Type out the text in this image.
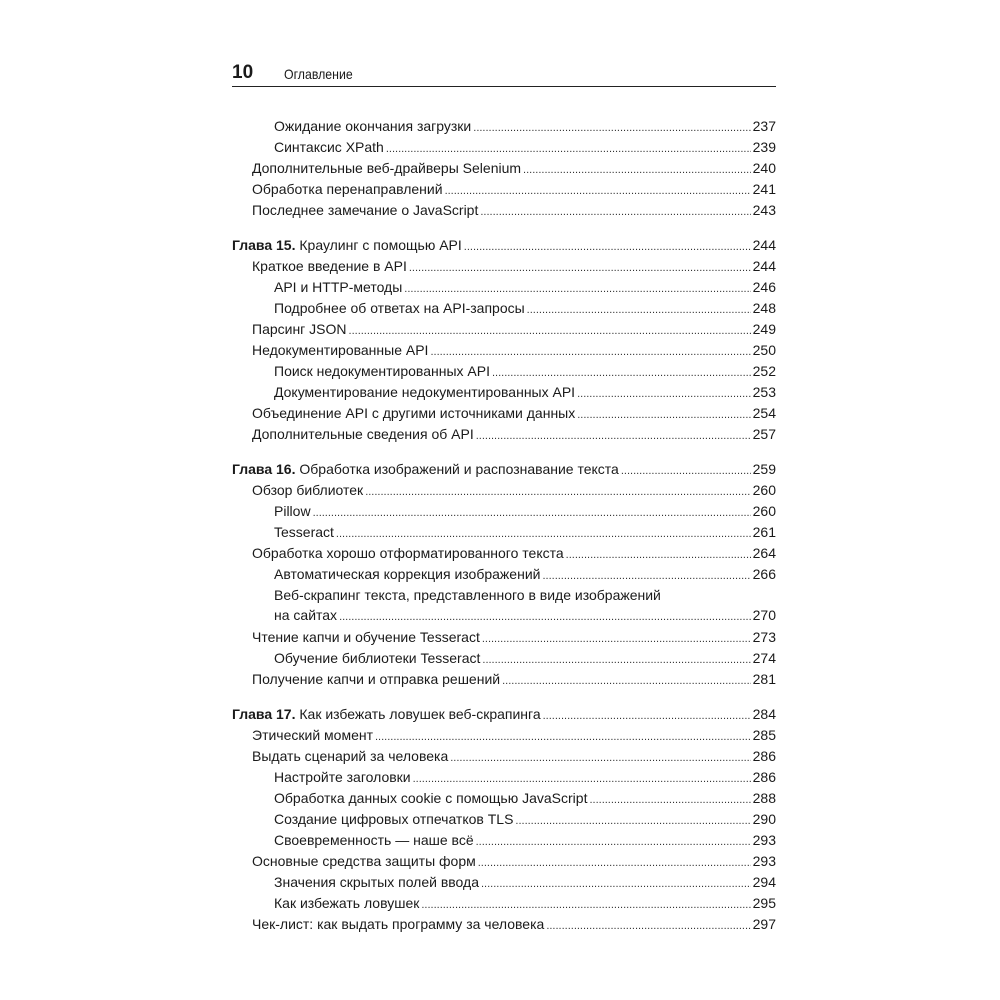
10 Оглавление
Ожидание окончания загрузки .....	237
Синтаксис XPath .....	239
Дополнительные веб-драйверы Selenium .....	240
Обработка перенаправлений .....	241
Последнее замечание о JavaScript .....	243
Глава 15. Краулинг с помощью API .....	244
Краткое введение в API .....	244
API и HTTP-методы .....	246
Подробнее об ответах на API-запросы .....	248
Парсинг JSON .....	249
Недокументированные API .....	250
Поиск недокументированных API .....	252
Документирование недокументированных API .....	253
Объединение API с другими источниками данных .....	254
Дополнительные сведения об API .....	257
Глава 16. Обработка изображений и распознавание текста .....	259
Обзор библиотек .....	260
Pillow .....	260
Tesseract .....	261
Обработка хорошо отформатированного текста .....	264
Автоматическая коррекция изображений .....	266
Веб-скрапинг текста, представленного в виде изображений
на сайтах .....	270
Чтение капчи и обучение Tesseract .....	273
Обучение библиотеки Tesseract .....	274
Получение капчи и отправка решений .....	281
Глава 17. Как избежать ловушек веб-скрапинга .....	284
Этический момент .....	285
Выдать сценарий за человека .....	286
Настройте заголовки .....	286
Обработка данных cookie с помощью JavaScript .....	288
Создание цифровых отпечатков TLS .....	290
Своевременность — наше всё .....	293
Основные средства защиты форм .....	293
Значения скрытых полей ввода .....	294
Как избежать ловушек .....	295
Чек-лист: как выдать программу за человека .....	297
